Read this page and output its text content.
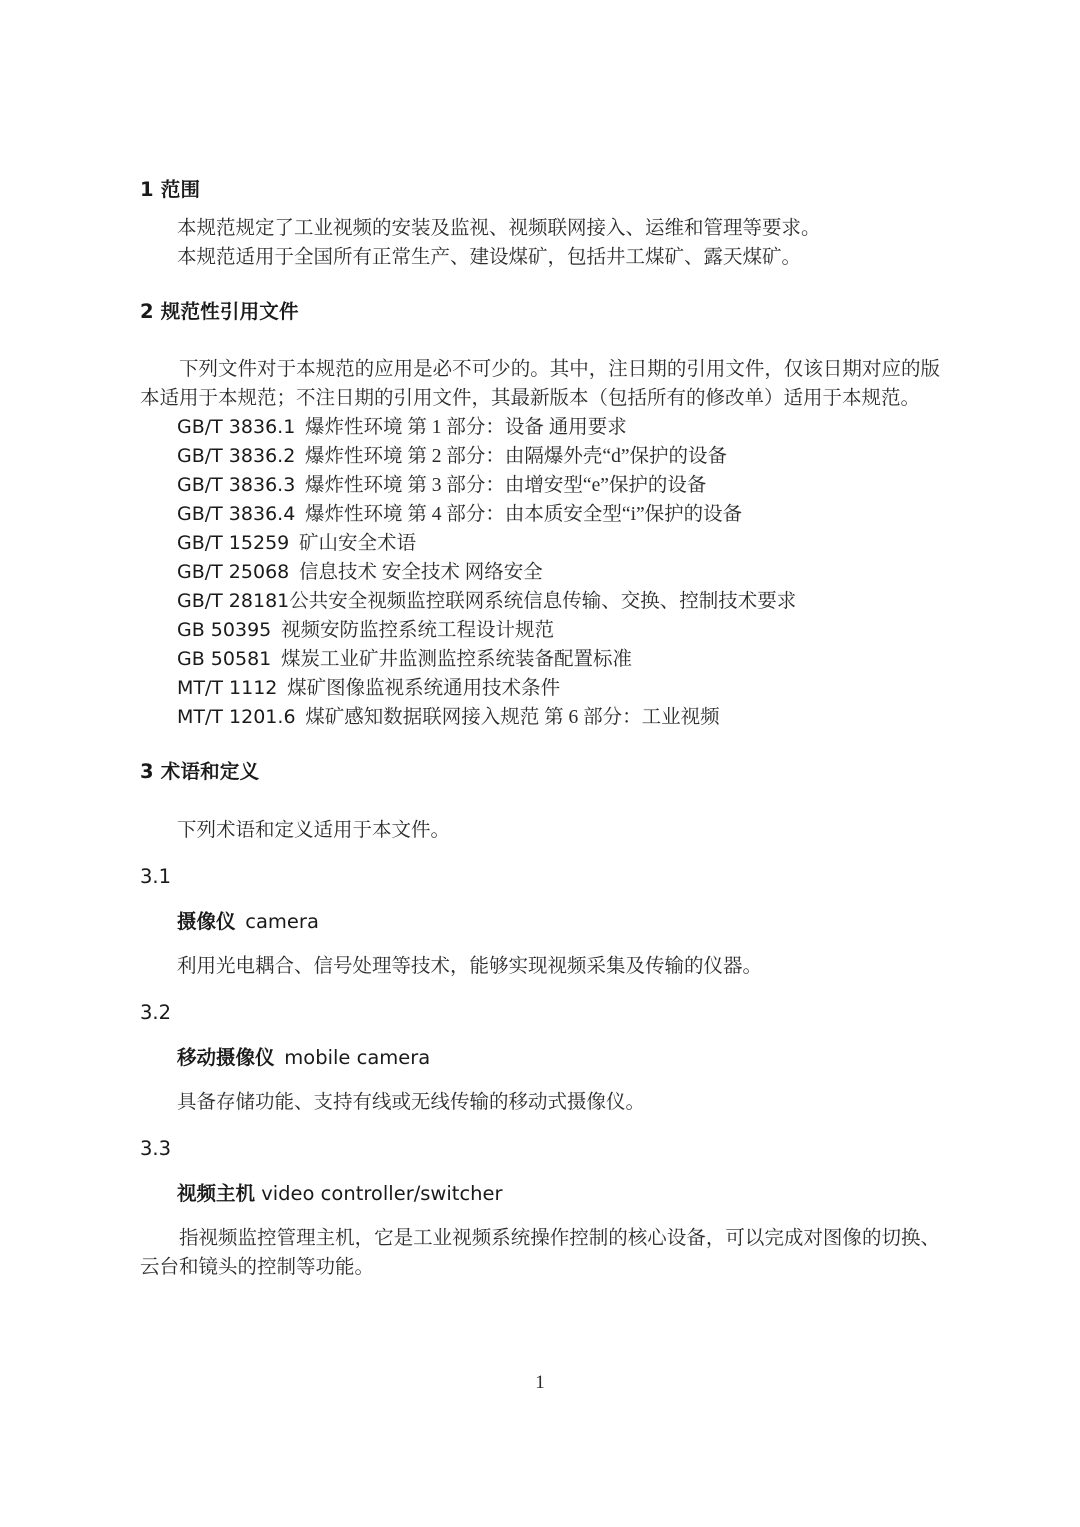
1 范围

本规范规定了工业视频的安装及监视、视频联网接入、运维和管理等要求。

本规范适用于全国所有正常生产、建设煤矿，包括井工煤矿、露天煤矿。

2 规范性引用文件

下列文件对于本规范的应用是必不可少的。其中，注日期的引用文件，仅该日期对应的版本适用于本规范；不注日期的引用文件，其最新版本（包括所有的修改单）适用于本规范。

GB/T 3836.1  爆炸性环境 第 1 部分：设备 通用要求
GB/T 3836.2  爆炸性环境 第 2 部分：由隔爆外壳“d”保护的设备
GB/T 3836.3  爆炸性环境 第 3 部分：由增安型“e”保护的设备
GB/T 3836.4  爆炸性环境 第 4 部分：由本质安全型“i”保护的设备
GB/T 15259  矿山安全术语
GB/T 25068  信息技术 安全技术 网络安全
GB/T 28181公共安全视频监控联网系统信息传输、交换、控制技术要求
GB 50395  视频安防监控系统工程设计规范
GB 50581  煤炭工业矿井监测监控系统装备配置标准
MT/T 1112  煤矿图像监视系统通用技术条件
MT/T 1201.6  煤矿感知数据联网接入规范 第 6 部分：工业视频
3 术语和定义

下列术语和定义适用于本文件。

3.1

摄像仪  camera

利用光电耦合、信号处理等技术，能够实现视频采集及传输的仪器。

3.2

移动摄像仪  mobile camera

具备存储功能、支持有线或无线传输的移动式摄像仪。

3.3

视频主机 video controller/switcher

指视频监控管理主机，它是工业视频系统操作控制的核心设备，可以完成对图像的切换、云台和镜头的控制等功能。

1
